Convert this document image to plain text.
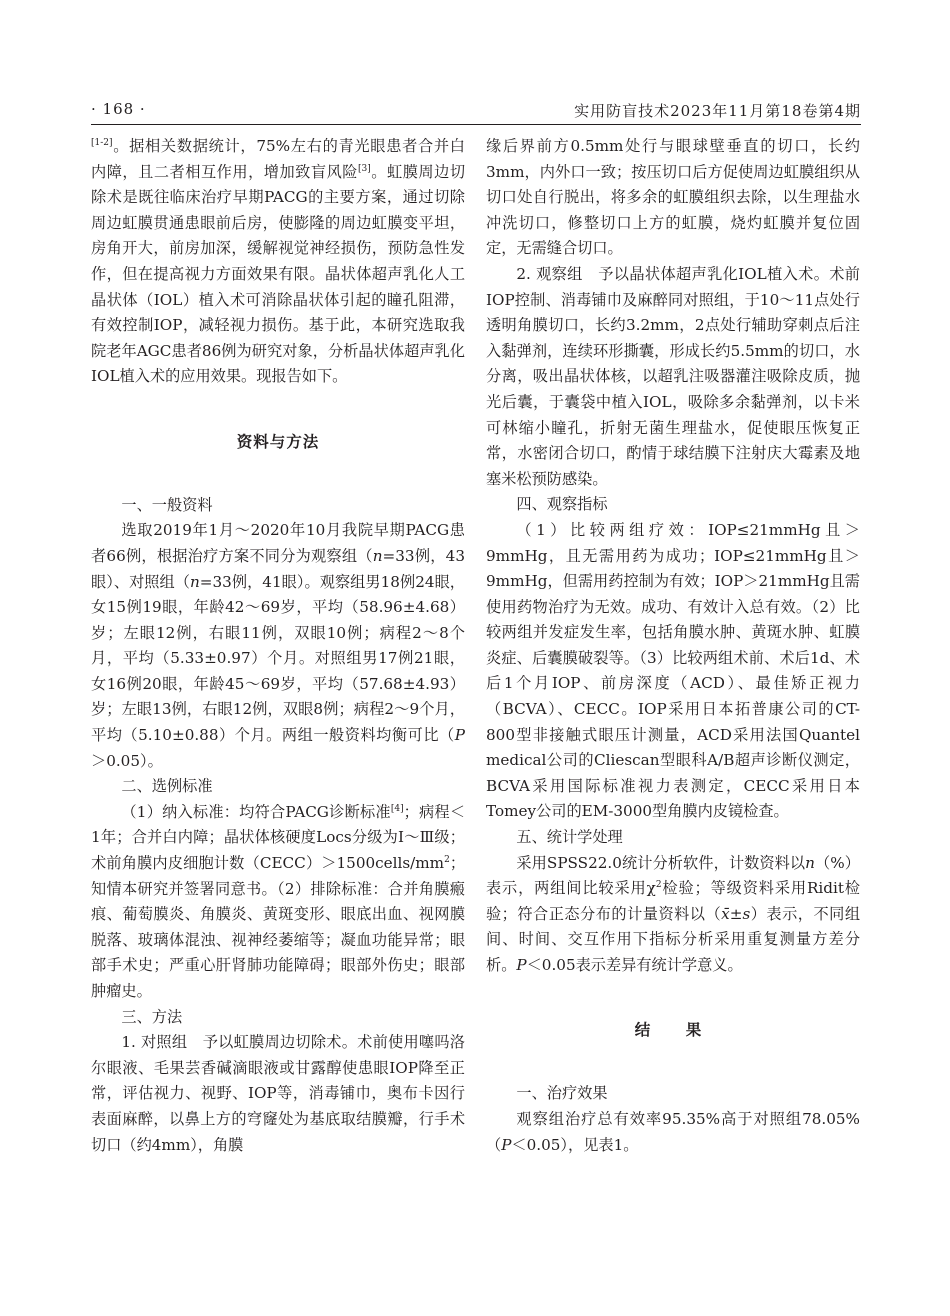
· 168 ·	实用防盲技术2023年11月第18卷第4期

[1-2]。据相关数据统计，75%左右的青光眼患者合并白内障，且二者相互作用，增加致盲风险[3]。虹膜周边切除术是既往临床治疗早期PACG的主要方案，通过切除周边虹膜贯通患眼前后房，使膨隆的周边虹膜变平坦，房角开大，前房加深，缓解视觉神经损伤，预防急性发作，但在提高视力方面效果有限。晶状体超声乳化人工晶状体（IOL）植入术可消除晶状体引起的瞳孔阻滞，有效控制IOP，减轻视力损伤。基于此，本研究选取我院老年AGC患者86例为研究对象，分析晶状体超声乳化IOL植入术的应用效果。现报告如下。

资料与方法
一、一般资料

选取2019年1月～2020年10月我院早期PACG患者66例，根据治疗方案不同分为观察组（n=33例，43眼）、对照组（n=33例，41眼）。观察组男18例24眼，女15例19眼，年龄42～69岁，平均（58.96±4.68）岁；左眼12例，右眼11例，双眼10例；病程2～8个月，平均（5.33±0.97）个月。对照组男17例21眼，女16例20眼，年龄45～69岁，平均（57.68±4.93）岁；左眼13例，右眼12例，双眼8例；病程2～9个月，平均（5.10±0.88）个月。两组一般资料均衡可比（P＞0.05）。

二、选例标准

（1）纳入标准：均符合PACG诊断标准[4]；病程＜1年；合并白内障；晶状体核硬度Locs分级为Ⅰ～Ⅲ级；术前角膜内皮细胞计数$(CECC)>1500cells/mm^2$；知情本研究并签署同意书。（2）排除标准：合并角膜瘢痕、葡萄膜炎、角膜炎、黄斑变形、眼底出血、视网膜脱落、玻璃体混浊、视神经萎缩等；凝血功能异常；眼部手术史；严重心肝肾肺功能障碍；眼部外伤史；眼部肿瘤史。

三、方法

1. 对照组　予以虹膜周边切除术。术前使用噻吗洛尔眼液、毛果芸香碱滴眼液或甘露醇使患眼IOP降至正常，评估视力、视野、IOP等，消毒铺巾，奥布卡因行表面麻醉，以鼻上方的穹窿处为基底取结膜瓣，行手术切口（约4mm），角膜

缘后界前方0.5mm处行与眼球壁垂直的切口，长约3mm，内外口一致；按压切口后方促使周边虹膜组织从切口处自行脱出，将多余的虹膜组织去除，以生理盐水冲洗切口，修整切口上方的虹膜，烧灼虹膜并复位固定，无需缝合切口。

2. 观察组　予以晶状体超声乳化IOL植入术。术前IOP控制、消毒铺巾及麻醉同对照组，于10～11点处行透明角膜切口，长约3.2mm，2点处行辅助穿刺点后注入黏弹剂，连续环形撕囊，形成长约5.5mm的切口，水分离，吸出晶状体核，以超乳注吸器灌注吸除皮质，抛光后囊，于囊袋中植入IOL，吸除多余黏弹剂，以卡米可林缩小瞳孔，折射无菌生理盐水，促使眼压恢复正常，水密闭合切口，酌情于球结膜下注射庆大霉素及地塞米松预防感染。

四、观察指标

（1）比较两组疗效：IOP≤21mmHg且＞9mmHg，且无需用药为成功；IOP≤21mmHg且＞9mmHg，但需用药控制为有效；IOP＞21mmHg且需使用药物治疗为无效。成功、有效计入总有效。（2）比较两组并发症发生率，包括角膜水肿、黄斑水肿、虹膜炎症、后囊膜破裂等。（3）比较两组术前、术后1d、术后1个月IOP、前房深度（ACD）、最佳矫正视力（BCVA）、CECC。IOP采用日本拓普康公司的CT-800型非接触式眼压计测量，ACD采用法国Quantel medical公司的Cliescan型眼科A/B超声诊断仪测定，BCVA采用国际标准视力表测定，CECC采用日本Tomey公司的EM-3000型角膜内皮镜检查。

五、统计学处理

采用SPSS22.0统计分析软件，计数资料以n（%）表示，两组间比较采用$\chi^2$检验；等级资料采用Ridit检验；符合正态分布的计量资料以（x̄±s）表示，不同组间、时间、交互作用下指标分析采用重复测量方差分析。P＜0.05表示差异有统计学意义。

结　果
一、治疗效果

观察组治疗总有效率95.35%高于对照组78.05%（P＜0.05），见表1。
